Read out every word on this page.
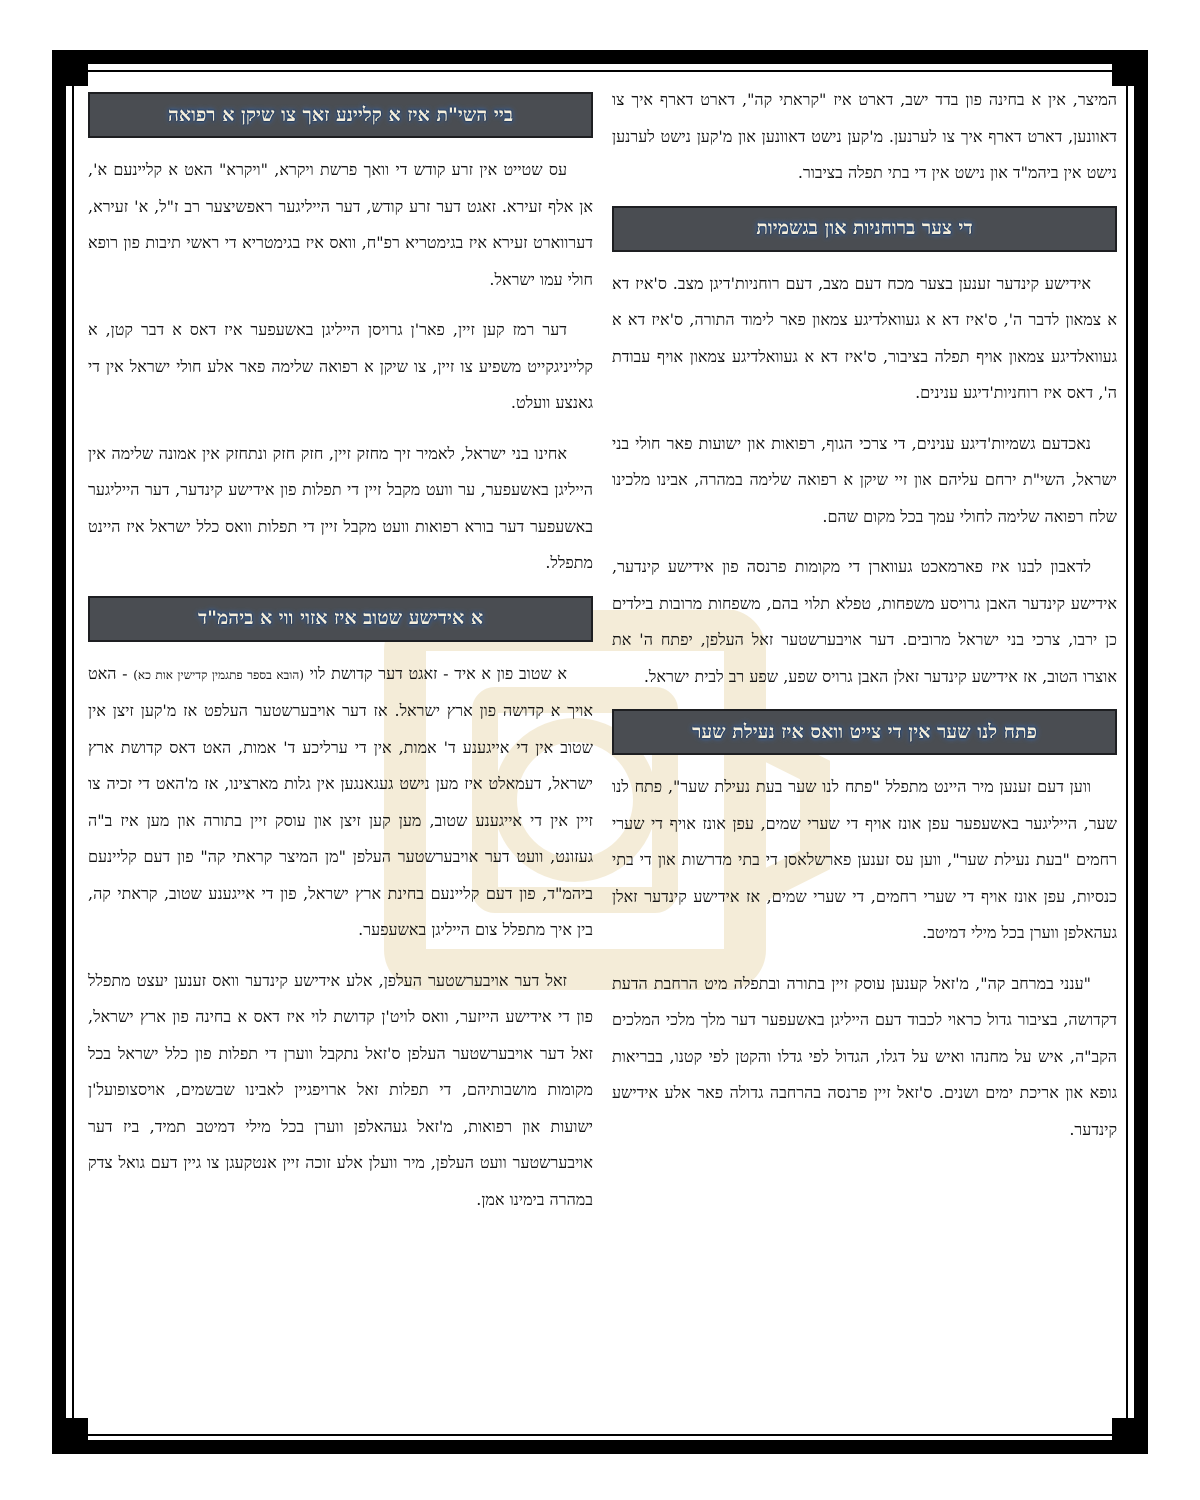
המיצר, אין א בחינה פון בדד ישב, דארט איז "קראתי קה", דארט דארף איך צו דאוונען, דארט דארף איך צו לערנען. מ'קען נישט דאוונען און מ'קען נישט לערנען נישט אין ביהמ"ד און נישט אין די בתי תפלה בציבור.

די צער ברוחניות און בגשמיות

אידישע קינדער זענען בצער מכח דעם מצב, דעם רוחניות'דיגן מצב. ס'איז דא א צמאון לדבר ה', ס'איז דא א געוואלדיגע צמאון פאר לימוד התורה, ס'איז דא א געוואלדיגע צמאון אויף תפלה בציבור, ס'איז דא א געוואלדיגע צמאון אויף עבודת ה', דאס איז רוחניות'דיגע ענינים.

נאכדעם גשמיות'דיגע ענינים, די צרכי הגוף, רפואות און ישועות פאר חולי בני ישראל, השי"ת ירחם עליהם און זיי שיקן א רפואה שלימה במהרה, אבינו מלכינו שלח רפואה שלימה לחולי עמך בכל מקום שהם.

לדאבון לבנו איז פארמאכט געווארן די מקומות פרנסה פון אידישע קינדער, אידישע קינדער האבן גרויסע משפחות, טפלא תלוי בהם, משפחות מרובות בילדים כן ירבו, צרכי בני ישראל מרובים. דער אויבערשטער זאל העלפן, יפתח ה' את אוצרו הטוב, אז אידישע קינדער זאלן האבן גרויס שפע, שפע רב לבית ישראל.

פתח לנו שער אין די צייט וואס איז נעילת שער

ווען דעם זענען מיר היינט מתפלל "פתח לנו שער בעת נעילת שער", פתח לנו שער, הייליגער באשעפער עפן אונז אויף די שערי שמים, עפן אונז אויף די שערי רחמים "בעת נעילת שער", ווען עס זענען פארשלאסן די בתי מדרשות און די בתי כנסיות, עפן אונז אויף די שערי רחמים, די שערי שמים, אז אידישע קינדער זאלן געהאלפן ווערן בכל מילי דמיטב.

"ענני במרחב קה", מ'זאל קענען עוסק זיין בתורה ובתפלה מיט הרחבת הדעת דקדושה, בציבור גדול כראוי לכבוד דעם הייליגן באשעפער דער מלך מלכי המלכים הקב"ה, איש על מחנהו ואיש על דגלו, הגדול לפי גדלו והקטן לפי קטנו, בבריאות גופא און אריכת ימים ושנים. ס'זאל זיין פרנסה בהרחבה גדולה פאר אלע אידישע קינדער.

ביי השי"ת איז א קליינע זאך צו שיקן א רפואה

עס שטייט אין זרע קודש די וואך פרשת ויקרא, "ויקרא" האט א קליינעם א', אן אלף זעירא. זאגט דער זרע קודש, דער הייליגער ראפשיצער רב ז"ל, א' זעירא, דערווארט זעירא איז בגימטריא רפ"ח, וואס איז בגימטריא די ראשי תיבות פון רופא חולי עמו ישראל.

דער רמז קען זיין, פאר'ן גרויסן הייליגן באשעפער איז דאס א דבר קטן, א קלייניגקייט משפיע צו זיין, צו שיקן א רפואה שלימה פאר אלע חולי ישראל אין די גאנצע וועלט.

אחינו בני ישראל, לאמיר זיך מחזק זיין, חזק חזק ונתחזק אין אמונה שלימה אין הייליגן באשעפער, ער וועט מקבל זיין די תפלות פון אידישע קינדער, דער הייליגער באשעפער דער בורא רפואות וועט מקבל זיין די תפלות וואס כלל ישראל איז היינט מתפלל.

א אידישע שטוב איז אזוי ווי א ביהמ"ד

א שטוב פון א איד - זאגט דער קדושת לוי (הובא בספר פתגמין קדישין אות כא) - האט אויך א קדושה פון ארץ ישראל. אז דער אויבערשטער העלפט אז מ'קען זיצן אין שטוב אין די אייגענע ד' אמות, אין די ערליכע ד' אמות, האט דאס קדושת ארץ ישראל, דעמאלט איז מען נישט געגאנגען אין גלות מארצינו, אז מ'האט די זכיה צו זיין אין די אייגענע שטוב, מען קען זיצן און עוסק זיין בתורה און מען איז ב"ה געזונט, וועט דער אויבערשטער העלפן "מן המיצר קראתי קה" פון דעם קליינעם ביהמ"ד, פון דעם קליינעם בחינת ארץ ישראל, פון די אייגענע שטוב, קראתי קה, בין איך מתפלל צום הייליגן באשעפער.

זאל דער אויבערשטער העלפן, אלע אידישע קינדער וואס זענען יעצט מתפלל פון די אידישע הייזער, וואס לויט'ן קדושת לוי איז דאס א בחינה פון ארץ ישראל, זאל דער אויבערשטער העלפן ס'זאל נתקבל ווערן די תפלות פון כלל ישראל בכל מקומות מושבותיהם, די תפלות זאל ארויפגיין לאבינו שבשמים, אויסצופועל'ן ישועות און רפואות, מ'זאל געהאלפן ווערן בכל מילי דמיטב תמיד, ביז דער אויבערשטער וועט העלפן, מיר וועלן אלע זוכה זיין אנטקעגן צו גיין דעם גואל צדק במהרה בימינו אמן.
